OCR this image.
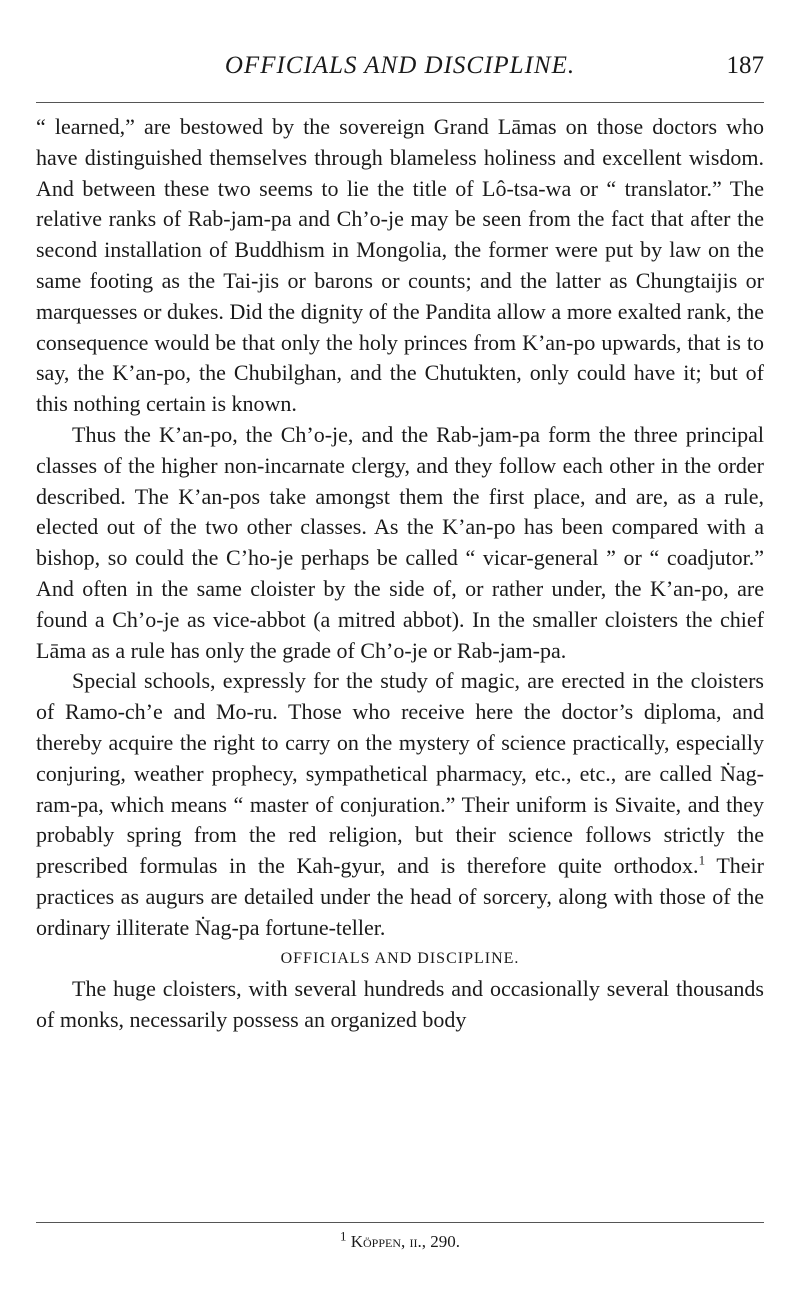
OFFICIALS AND DISCIPLINE.	187

“ learned,” are bestowed by the sovereign Grand Lāmas on those doctors who have distinguished themselves through blameless holiness and excellent wisdom. And between these two seems to lie the title of Lô-tsa-wa or “ translator.” The relative ranks of Rab-jam-pa and Ch’o-je may be seen from the fact that after the second installation of Buddhism in Mongolia, the former were put by law on the same footing as the Tai-jis or barons or counts; and the latter as Chungtaijis or marquesses or dukes. Did the dignity of the Pandita allow a more exalted rank, the consequence would be that only the holy princes from K’an-po upwards, that is to say, the K’an-po, the Chubilghan, and the Chutukten, only could have it; but of this nothing certain is known.

Thus the K’an-po, the Ch’o-je, and the Rab-jam-pa form the three principal classes of the higher non-incarnate clergy, and they follow each other in the order described. The K’an-pos take amongst them the first place, and are, as a rule, elected out of the two other classes. As the K’an-po has been compared with a bishop, so could the C’ho-je perhaps be called “ vicar-general ” or “ coadjutor.” And often in the same cloister by the side of, or rather under, the K’an-po, are found a Ch’o-je as vice-abbot (a mitred abbot). In the smaller cloisters the chief Lāma as a rule has only the grade of Ch’o-je or Rab-jam-pa.

Special schools, expressly for the study of magic, are erected in the cloisters of Ramo-ch’e and Mo-ru. Those who receive here the doctor’s diploma, and thereby acquire the right to carry on the mystery of science practically, especially conjuring, weather prophecy, sympathetical pharmacy, etc., etc., are called Ṅag-ram-pa, which means “ master of conjuration.” Their uniform is Sivaite, and they probably spring from the red religion, but their science follows strictly the prescribed formulas in the Kah-gyur, and is therefore quite orthodox.$^1$ Their practices as augurs are detailed under the head of sorcery, along with those of the ordinary illiterate Ṅag-pa fortune-teller.

OFFICIALS AND DISCIPLINE.

The huge cloisters, with several hundreds and occasionally several thousands of monks, necessarily possess an organized body

$^1$ Köppen, ii., 290.
